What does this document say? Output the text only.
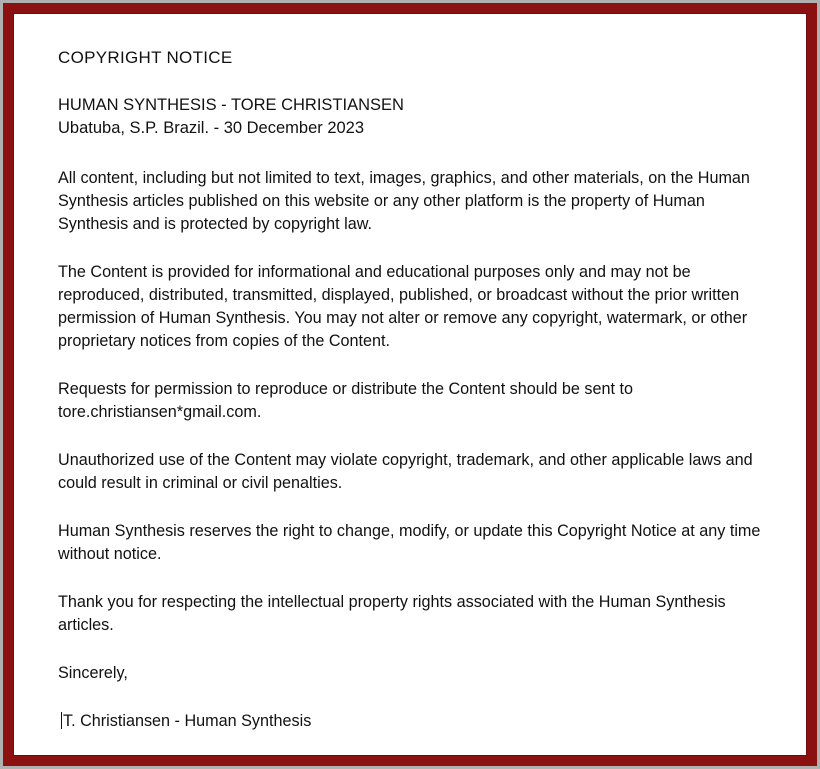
COPYRIGHT NOTICE

HUMAN SYNTHESIS - TORE CHRISTIANSEN

Ubatuba, S.P. Brazil. - 30 December 2023

All content, including but not limited to text, images, graphics, and other materials, on the Human Synthesis articles published on this website or any other platform is the property of Human Synthesis and is protected by copyright law.

The Content is provided for informational and educational purposes only and may not be reproduced, distributed, transmitted, displayed, published, or broadcast without the prior written permission of Human Synthesis. You may not alter or remove any copyright, watermark, or other proprietary notices from copies of the Content.

Requests for permission to reproduce or distribute the Content should be sent to tore.christiansen*gmail.com.

Unauthorized use of the Content may violate copyright, trademark, and other applicable laws and could result in criminal or civil penalties.

Human Synthesis reserves the right to change, modify, or update this Copyright Notice at any time without notice.

Thank you for respecting the intellectual property rights associated with the Human Synthesis articles.

Sincerely,

T. Christiansen - Human Synthesis
